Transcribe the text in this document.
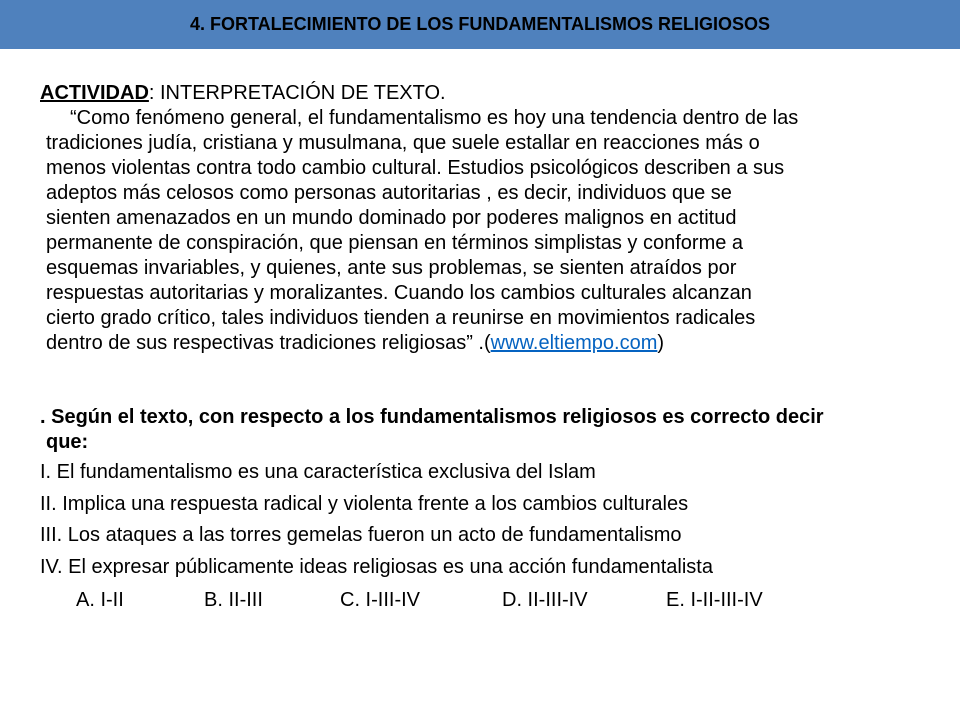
4. FORTALECIMIENTO DE LOS FUNDAMENTALISMOS RELIGIOSOS
ACTIVIDAD: INTERPRETACIÓN DE TEXTO.
“Como fenómeno general, el fundamentalismo es hoy una tendencia dentro de las
tradiciones judía, cristiana y musulmana, que suele estallar en reacciones más o
menos violentas contra todo cambio cultural. Estudios psicológicos describen a sus
adeptos más celosos como personas autoritarias , es decir, individuos que se
sienten amenazados en un mundo dominado por poderes malignos en actitud
permanente de conspiración, que piensan en términos simplistas y conforme a
esquemas invariables, y quienes, ante sus problemas, se sienten atraídos por
respuestas autoritarias y moralizantes. Cuando los cambios culturales alcanzan
cierto grado crítico, tales individuos tienden a reunirse en movimientos radicales
dentro de sus respectivas tradiciones religiosas” .(www.eltiempo.com)
. Según el texto, con respecto a los fundamentalismos religiosos es correcto decir
que:
I. El fundamentalismo es una característica exclusiva del Islam
II. Implica una respuesta radical y violenta frente a los cambios culturales
III. Los ataques a las torres gemelas fueron un acto de fundamentalismo
IV. El expresar públicamente ideas religiosas es una acción fundamentalista
A. I-II	B. II-III	C. I-III-IV	D. II-III-IV	E. I-II-III-IV
